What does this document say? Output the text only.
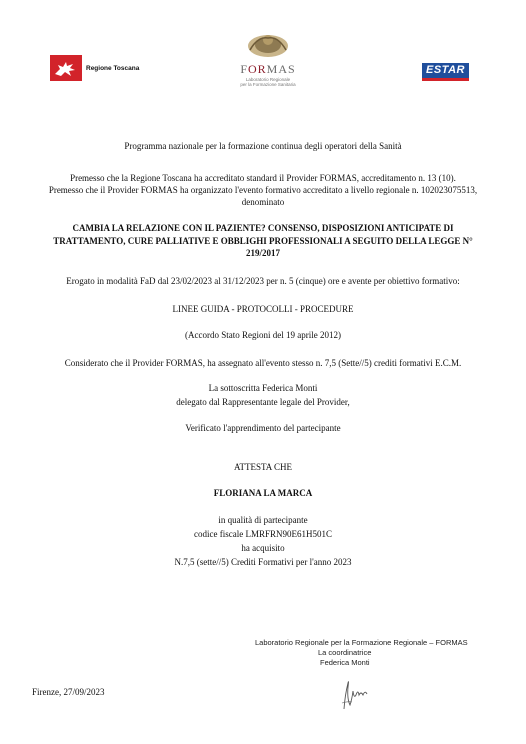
Regione Toscana	FORMAS
Laboratorio Regionale
per la Formazione Sanitaria
ESTAR
Programma nazionale per la formazione continua degli operatori della Sanità
Premesso che la Regione Toscana ha accreditato standard il Provider FORMAS, accreditamento n. 13 (10).
Premesso che il Provider FORMAS ha organizzato l'evento formativo accreditato a livello regionale n. 102023075513,
denominato
CAMBIA LA RELAZIONE CON IL PAZIENTE? CONSENSO, DISPOSIZIONI ANTICIPATE DI
TRATTAMENTO, CURE PALLIATIVE E OBBLIGHI PROFESSIONALI A SEGUITO DELLA LEGGE N°
219/2017
Erogato in modalità FaD dal 23/02/2023 al 31/12/2023 per n. 5 (cinque) ore e avente per obiettivo formativo:
LINEE GUIDA - PROTOCOLLI - PROCEDURE
(Accordo Stato Regioni del 19 aprile 2012)
Considerato che il Provider FORMAS, ha assegnato all'evento stesso n. 7,5 (Sette//5) crediti formativi E.C.M.
La sottoscritta Federica Monti
delegato dal Rappresentante legale del Provider,
Verificato l'apprendimento del partecipante
ATTESTA CHE
FLORIANA LA MARCA
in qualità di partecipante
codice fiscale LMRFRN90E61H501C
ha acquisito
N.7,5 (sette//5) Crediti Formativi per l'anno 2023
Laboratorio Regionale per la Formazione Regionale – FORMAS
La coordinatrice
Federica Monti
Firenze, 27/09/2023
